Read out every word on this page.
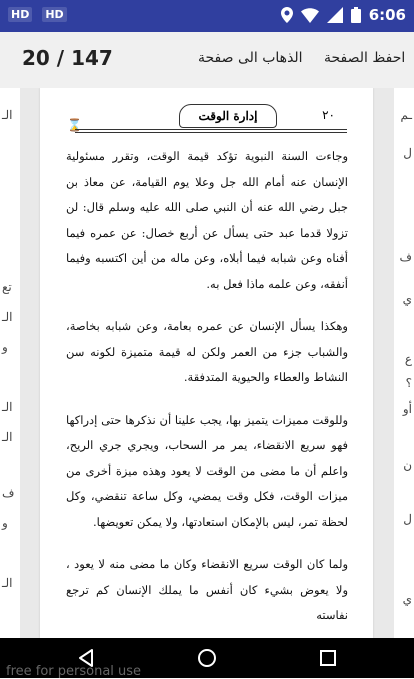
HD HD	6:06
20 / 147	الذهاب الى صفحة احفظ الصفحة
الـ
تع
الـ
و
الـ
الـ
ف
و
الـ
ـم
ل
ف
ي
ع
؟
أو
ن
ل
ي
⌛
٢٠
إدارة الوقت

وجاءت السنة النبوية تؤكد قيمة الوقت، وتقرر مسئولية الإنسان عنه أمام الله جل وعلا يوم القيامة، عن معاذ بن جبل رضي الله عنه أن النبي صلى الله عليه وسلم قال: لن تزولا قدما عبد حتى يسأل عن أربع خصال: عن عمره فيما أفناه وعن شبابه فيما أبلاه، وعن ماله من أين اكتسبه وفيما أنفقه، وعن علمه ماذا فعل به.

وهكذا يسأل الإنسان عن عمره بعامة، وعن شبابه بخاصة، والشباب جزء من العمر ولكن له قيمة متميزة لكونه سن النشاط والعطاء والحيوية المتدفقة.

وللوقت مميزات يتميز بها، يجب علينا أن نذكرها حتى إدراكها فهو سريع الانقضاء، يمر مر السحاب، ويجري جري الريح، واعلم أن ما مضى من الوقت لا يعود وهذه ميزة أخرى من ميزات الوقت، فكل وقت يمضي، وكل ساعة تنقضي، وكل لحظة تمر، ليس بالإمكان استعادتها، ولا يمكن تعويضها.

ولما كان الوقت سريع الانقضاء وكان ما مضى منه لا يعود ، ولا يعوض بشيء كان أنفس ما يملك الإنسان كم ترجع نفاسته

free for personal use
